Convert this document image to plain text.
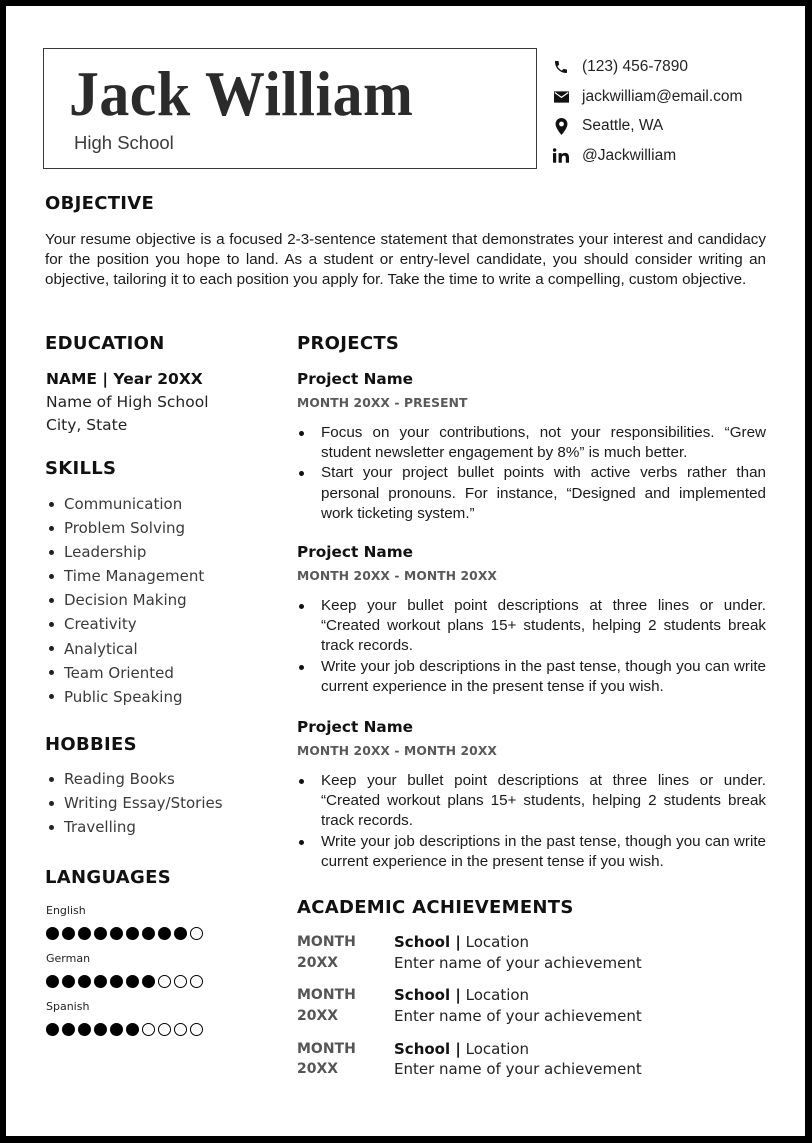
Jack William
High School
(123) 456-7890
jackwilliam@email.com
Seattle, WA
@Jackwilliam
OBJECTIVE
Your resume objective is a focused 2-3-sentence statement that demonstrates your interest and candidacy for the position you hope to land. As a student or entry-level candidate, you should consider writing an objective, tailoring it to each position you apply for. Take the time to write a compelling, custom objective.
EDUCATION
NAME | Year 20XX
Name of High School
City, State
SKILLS
Communication
Problem Solving
Leadership
Time Management
Decision Making
Creativity
Analytical
Team Oriented
Public Speaking
HOBBIES
Reading Books
Writing Essay/Stories
Travelling
LANGUAGES
English
German
Spanish
PROJECTS
Project Name
MONTH 20XX - PRESENT
Focus on your contributions, not your responsibilities. “Grew student newsletter engagement by 8%” is much better.
Start your project bullet points with active verbs rather than personal pronouns. For instance, “Designed and implemented work ticketing system.”
Project Name
MONTH 20XX - MONTH 20XX
Keep your bullet point descriptions at three lines or under. “Created workout plans 15+ students, helping 2 students break track records.
Write your job descriptions in the past tense, though you can write current experience in the present tense if you wish.
Project Name
MONTH 20XX - MONTH 20XX
Keep your bullet point descriptions at three lines or under. “Created workout plans 15+ students, helping 2 students break track records.
Write your job descriptions in the past tense, though you can write current experience in the present tense if you wish.
ACADEMIC ACHIEVEMENTS
MONTH
20XX
School | Location
Enter name of your achievement
MONTH
20XX
School | Location
Enter name of your achievement
MONTH
20XX
School | Location
Enter name of your achievement
